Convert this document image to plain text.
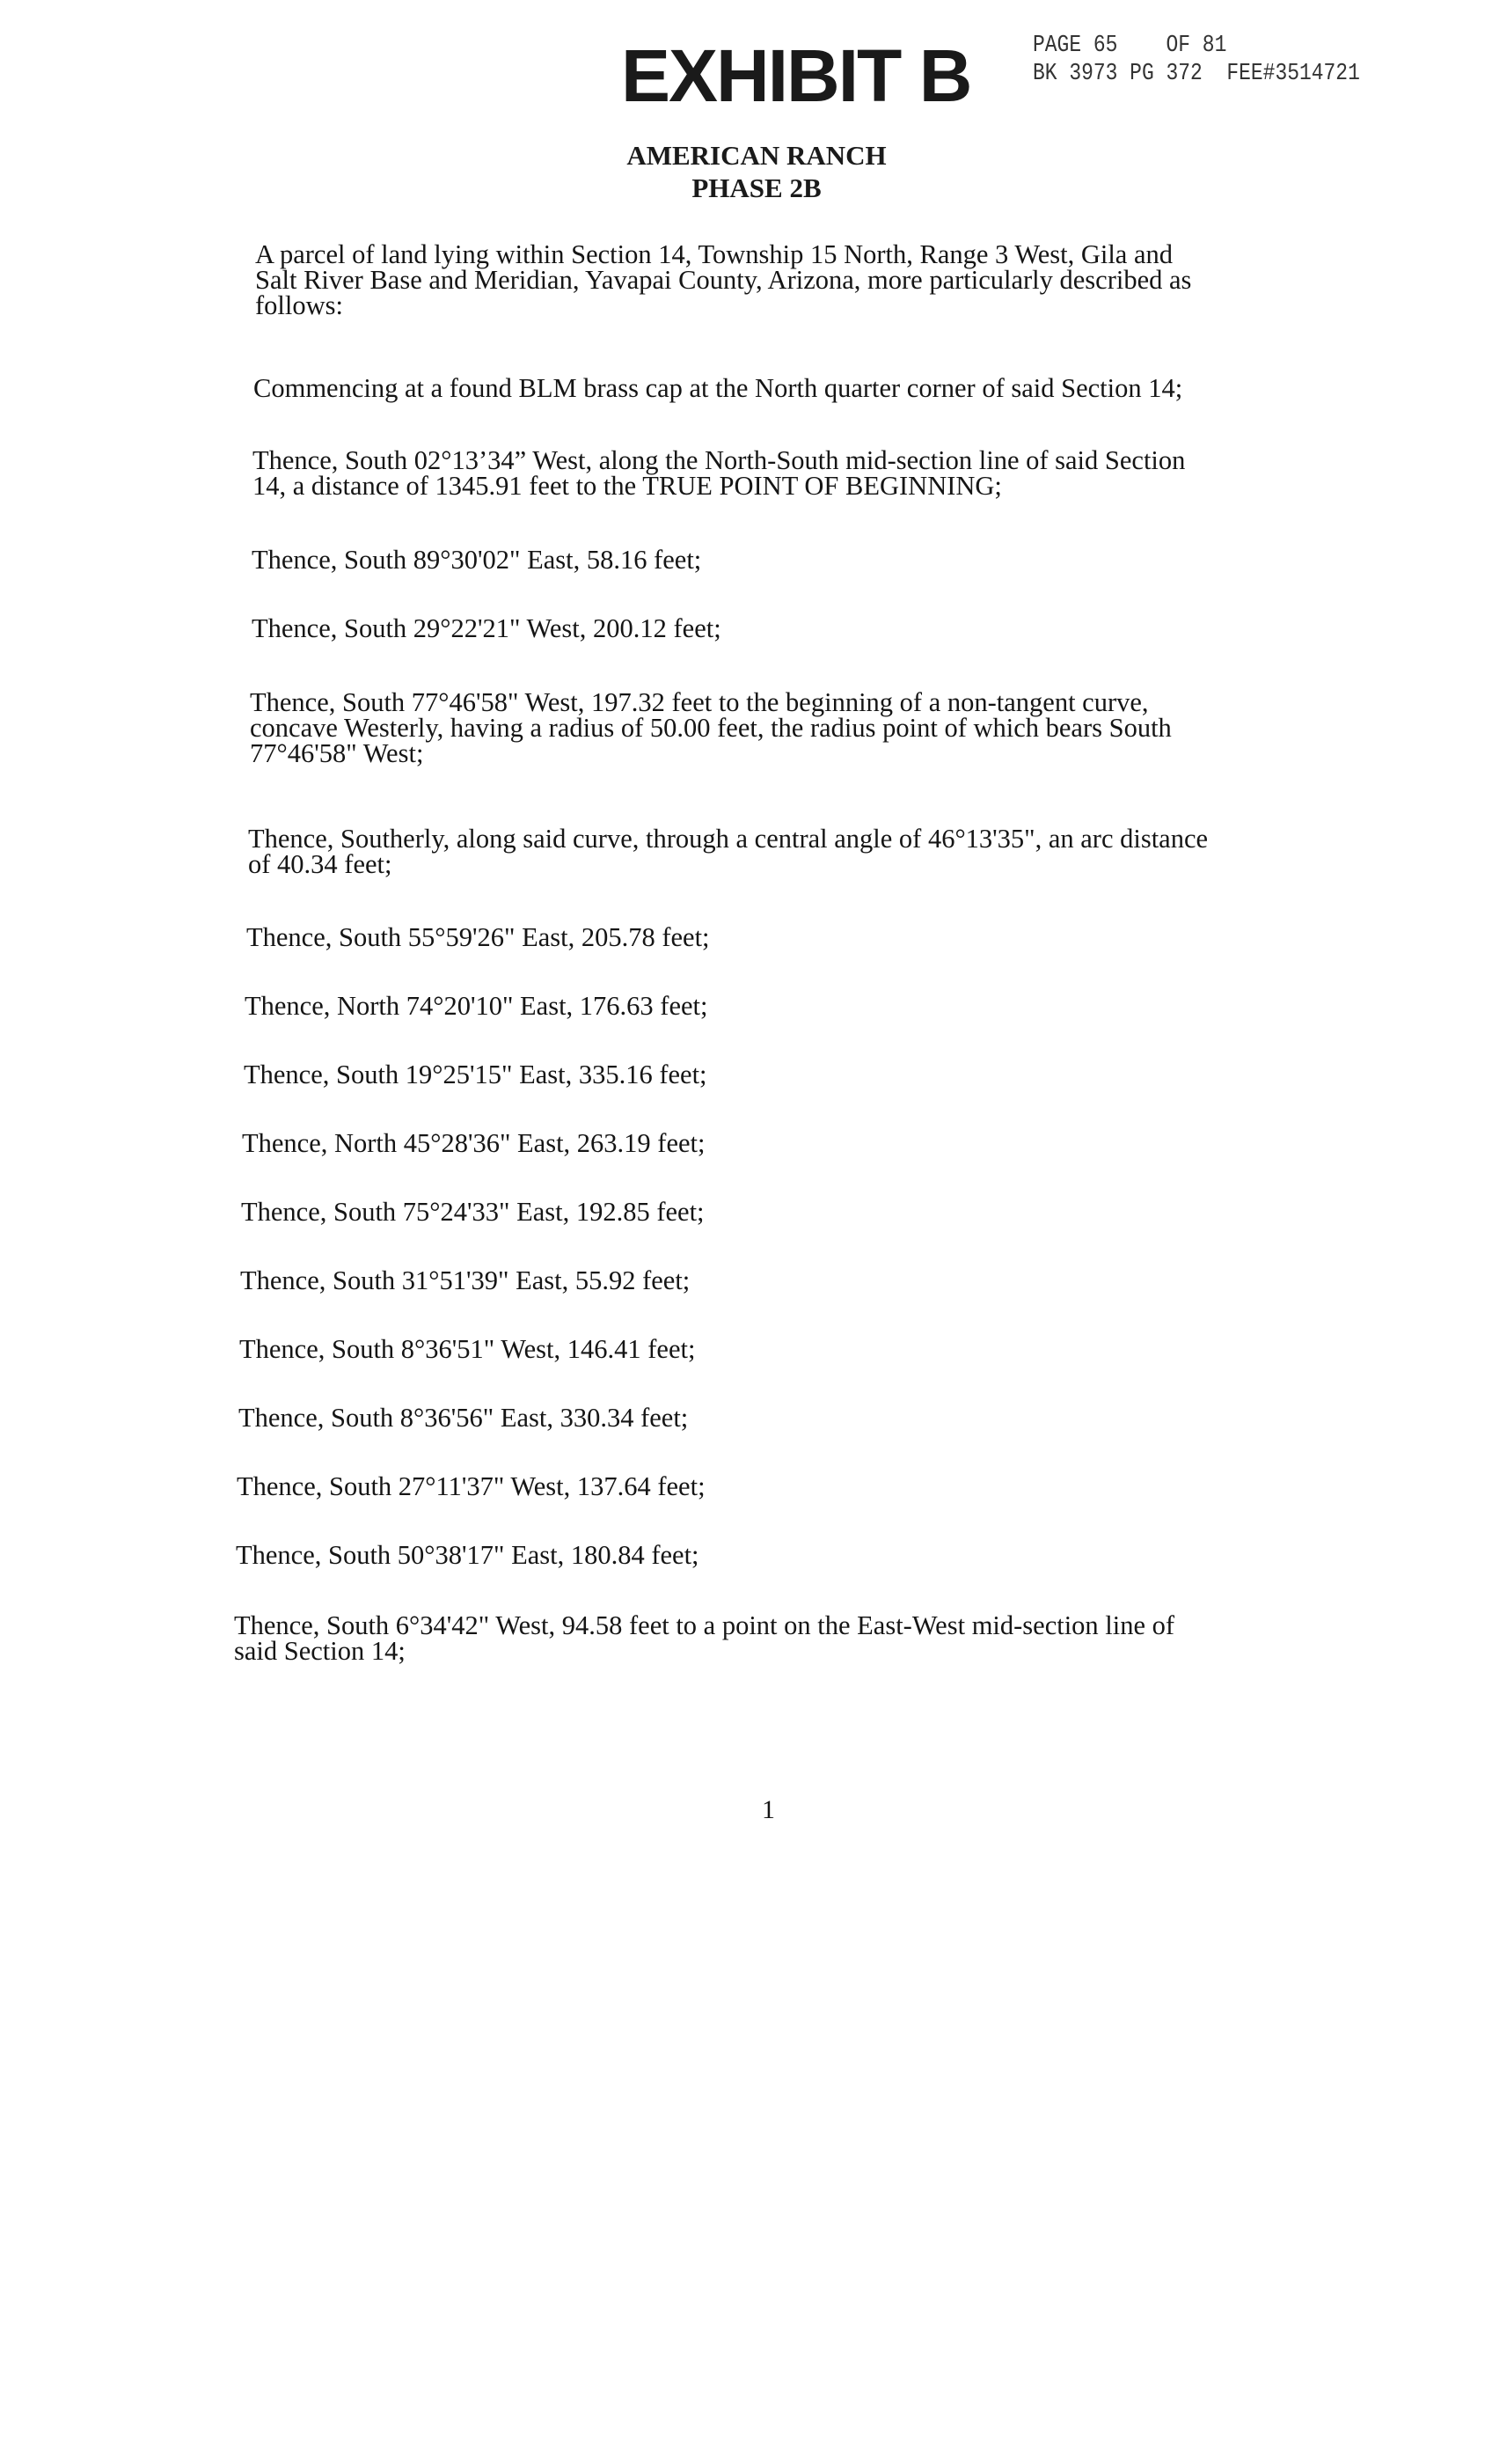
EXHIBIT B	PAGE 65    OF 81
BK 3973 PG 372  FEE#3514721
AMERICAN RANCH
PHASE 2B
A parcel of land lying within Section 14, Township 15 North, Range 3 West, Gila and
Salt River Base and Meridian, Yavapai County, Arizona, more particularly described as
follows:
Commencing at a found BLM brass cap at the North quarter corner of said Section 14;
Thence, South 02°13’34” West, along the North-South mid-section line of said Section
14, a distance of 1345.91 feet to the TRUE POINT OF BEGINNING;
Thence, South 89°30'02" East, 58.16 feet;
Thence, South 29°22'21" West, 200.12 feet;
Thence, South 77°46'58" West, 197.32 feet to the beginning of a non-tangent curve,
concave Westerly, having a radius of 50.00 feet, the radius point of which bears South
77°46'58" West;
Thence, Southerly, along said curve, through a central angle of 46°13'35", an arc distance
of 40.34 feet;
Thence, South 55°59'26" East, 205.78 feet;
Thence, North 74°20'10" East, 176.63 feet;
Thence, South 19°25'15" East, 335.16 feet;
Thence, North 45°28'36" East, 263.19 feet;
Thence, South 75°24'33" East, 192.85 feet;
Thence, South 31°51'39" East, 55.92 feet;
Thence, South 8°36'51" West, 146.41 feet;
Thence, South 8°36'56" East, 330.34 feet;
Thence, South 27°11'37" West, 137.64 feet;
Thence, South 50°38'17" East, 180.84 feet;
Thence, South 6°34'42" West, 94.58 feet to a point on the East-West mid-section line of
said Section 14;
1
